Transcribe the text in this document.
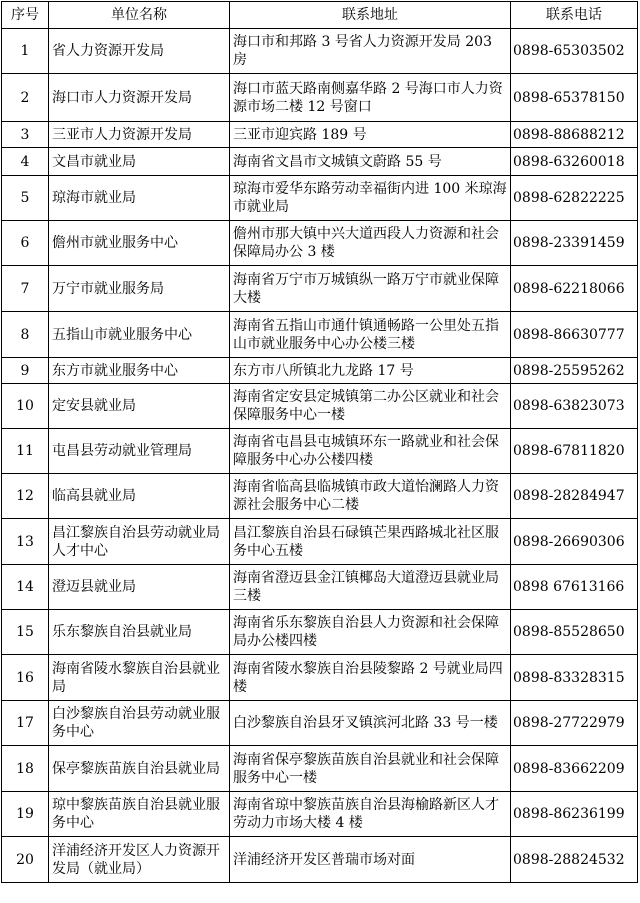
序号	单位名称	联系地址	联系电话
1	省人力资源开发局	海口市和邦路 3 号省人力资源开发局 203 房	0898-65303502
2	海口市人力资源开发局	海口市蓝天路南侧嘉华路 2 号海口市人力资源市场二楼 12 号窗口	0898-65378150
3	三亚市人力资源开发局	三亚市迎宾路 189 号	0898-88688212
4	文昌市就业局	海南省文昌市文城镇文蔚路 55 号	0898-63260018
5	琼海市就业局	琼海市爱华东路劳动幸福街内进 100 米琼海市就业局	0898-62822225
6	儋州市就业服务中心	儋州市那大镇中兴大道西段人力资源和社会保障局办公 3 楼	0898-23391459
7	万宁市就业服务局	海南省万宁市万城镇纵一路万宁市就业保障大楼	0898-62218066
8	五指山市就业服务中心	海南省五指山市通什镇通畅路一公里处五指山市就业服务中心办公楼三楼	0898-86630777
9	东方市就业服务中心	东方市八所镇北九龙路 17 号	0898-25595262
10	定安县就业局	海南省定安县定城镇第二办公区就业和社会保障服务中心一楼	0898-63823073
11	屯昌县劳动就业管理局	海南省屯昌县屯城镇环东一路就业和社会保障服务中心办公楼四楼	0898-67811820
12	临高县就业局	海南省临高县临城镇市政大道怡澜路人力资源社会服务中心二楼	0898-28284947
13	昌江黎族自治县劳动就业局人才中心	昌江黎族自治县石碌镇芒果西路城北社区服务中心五楼	0898-26690306
14	澄迈县就业局	海南省澄迈县金江镇椰岛大道澄迈县就业局三楼	0898 67613166
15	乐东黎族自治县就业局	海南省乐东黎族自治县人力资源和社会保障局办公楼四楼	0898-85528650
16	海南省陵水黎族自治县就业局	海南省陵水黎族自治县陵黎路 2 号就业局四楼	0898-83328315
17	白沙黎族自治县劳动就业服务中心	白沙黎族自治县牙叉镇滨河北路 33 号一楼	0898-27722979
18	保亭黎族苗族自治县就业局	海南省保亭黎族苗族自治县就业和社会保障服务中心一楼	0898-83662209
19	琼中黎族苗族自治县就业服务中心	海南省琼中黎族苗族自治县海榆路新区人才劳动力市场大楼 4 楼	0898-86236199
20	洋浦经济开发区人力资源开发局（就业局）	洋浦经济开发区普瑞市场对面	0898-28824532
